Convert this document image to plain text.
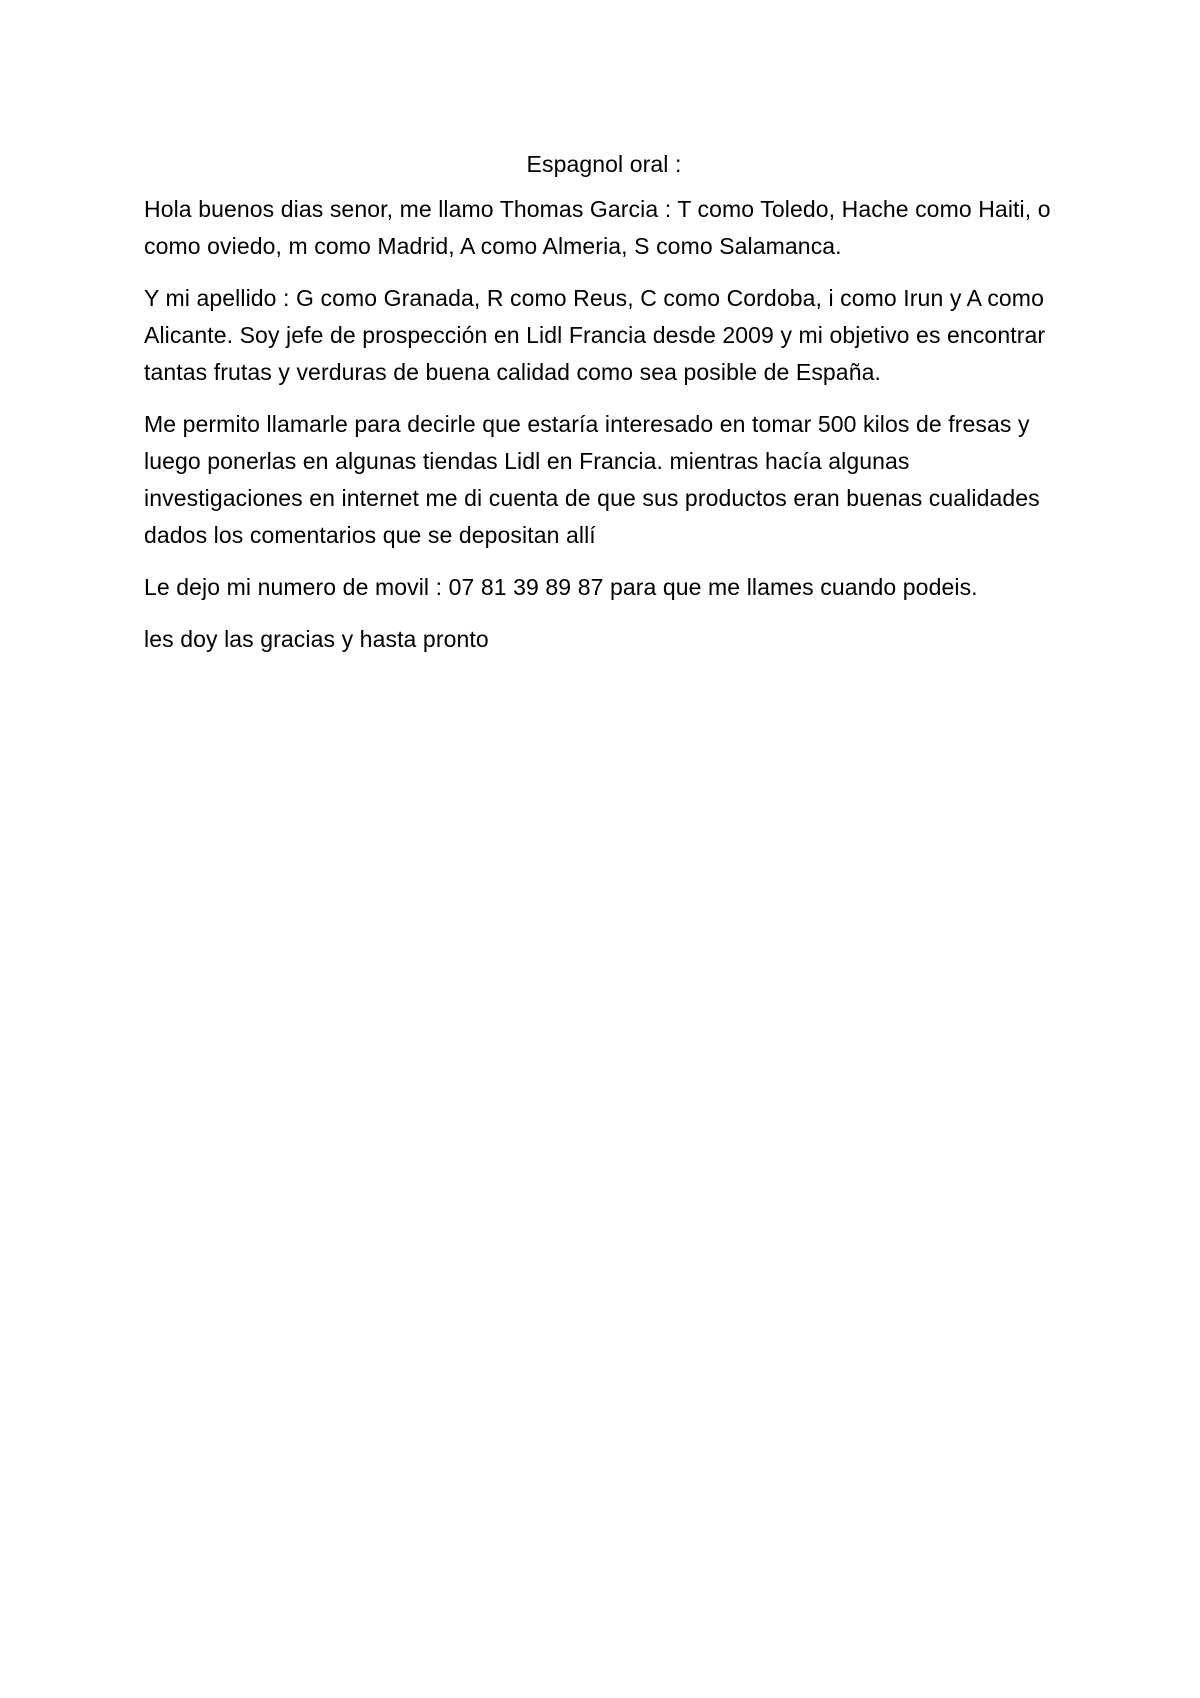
Espagnol oral :

Hola buenos dias senor, me llamo Thomas Garcia : T como Toledo, Hache como Haiti, o como oviedo, m como Madrid, A como Almeria, S como Salamanca.

Y mi apellido : G como Granada, R como Reus, C como Cordoba, i como Irun y A como Alicante. Soy jefe de prospección en Lidl Francia desde 2009 y mi objetivo es encontrar tantas frutas y verduras de buena calidad como sea posible de España.

Me permito llamarle para decirle que estaría interesado en tomar 500 kilos de fresas y luego ponerlas en algunas tiendas Lidl en Francia. mientras hacía algunas investigaciones en internet me di cuenta de que sus productos eran buenas cualidades dados los comentarios que se depositan allí

Le dejo mi numero de movil : 07 81 39 89 87 para que me llames cuando podeis.

les doy las gracias y hasta pronto
